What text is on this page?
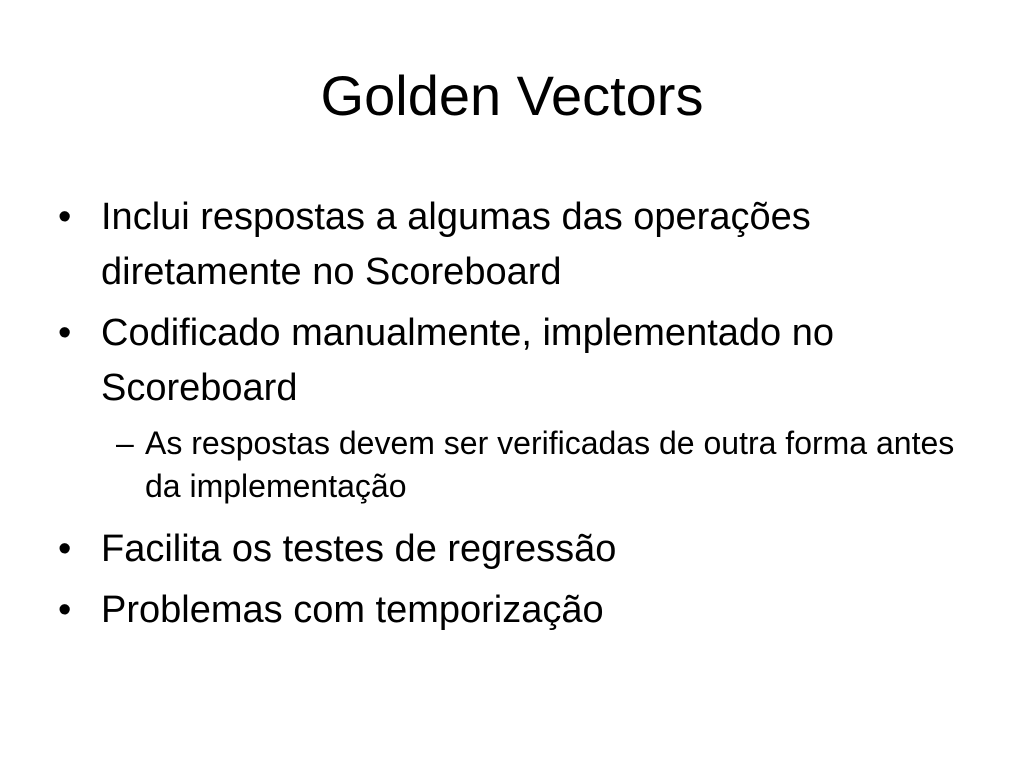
Golden Vectors
• Inclui respostas a algumas das operações diretamente no Scoreboard
• Codificado manualmente, implementado no Scoreboard
– As respostas devem ser verificadas de outra forma antes da implementação
• Facilita os testes de regressão
• Problemas com temporização
